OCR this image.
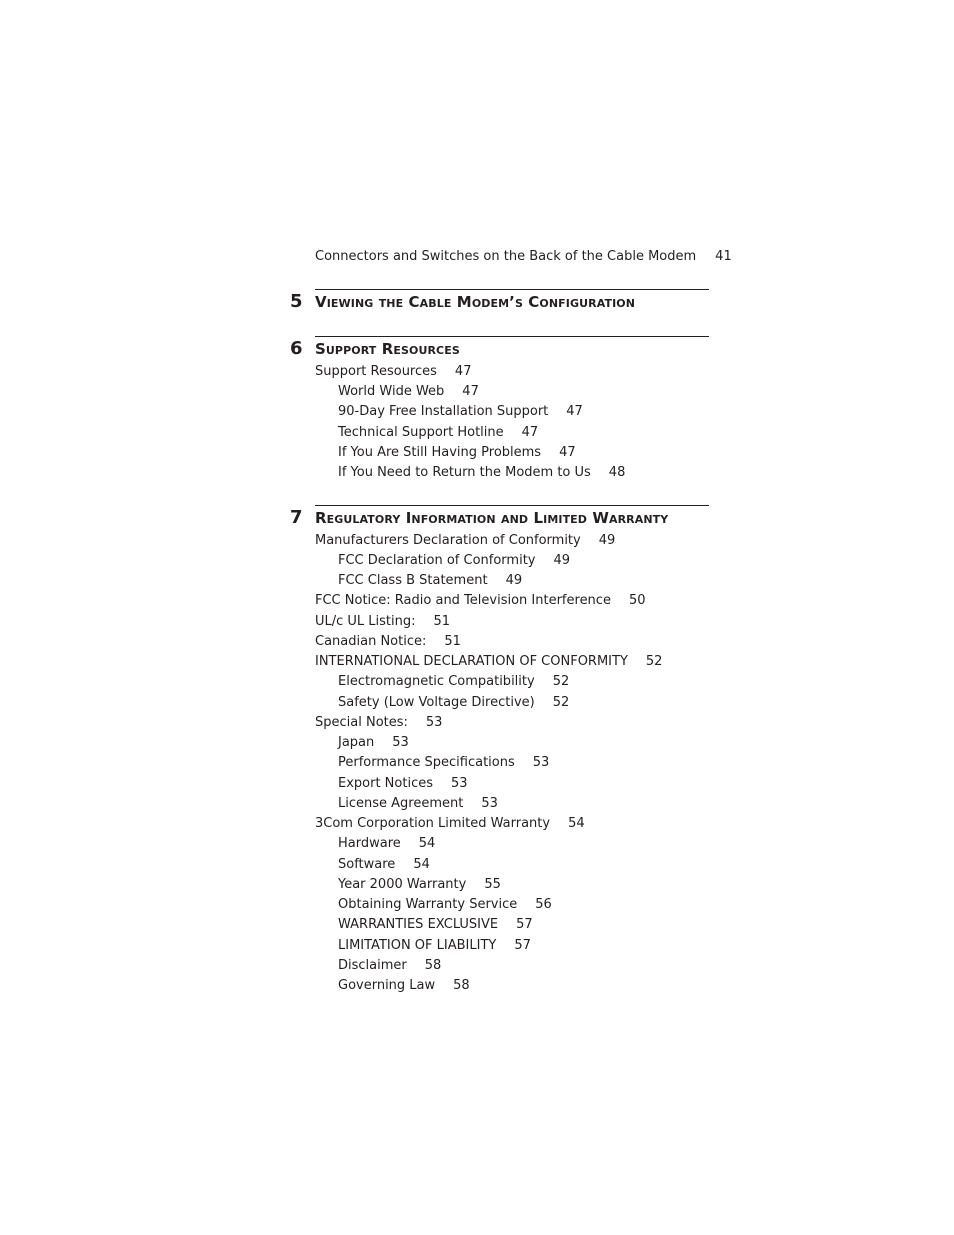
Connectors and Switches on the Back of the Cable Modem 41
5 Viewing the Cable Modem’s Configuration
6 Support Resources
Support Resources 47
World Wide Web 47
90-Day Free Installation Support 47
Technical Support Hotline 47
If You Are Still Having Problems 47
If You Need to Return the Modem to Us 48
7 Regulatory Information and Limited Warranty
Manufacturers Declaration of Conformity 49
FCC Declaration of Conformity 49
FCC Class B Statement 49
FCC Notice: Radio and Television Interference 50
UL/c UL Listing: 51
Canadian Notice: 51
INTERNATIONAL DECLARATION OF CONFORMITY 52
Electromagnetic Compatibility 52
Safety (Low Voltage Directive) 52
Special Notes: 53
Japan 53
Performance Specifications 53
Export Notices 53
License Agreement 53
3Com Corporation Limited Warranty 54
Hardware 54
Software 54
Year 2000 Warranty 55
Obtaining Warranty Service 56
WARRANTIES EXCLUSIVE 57
LIMITATION OF LIABILITY 57
Disclaimer 58
Governing Law 58
